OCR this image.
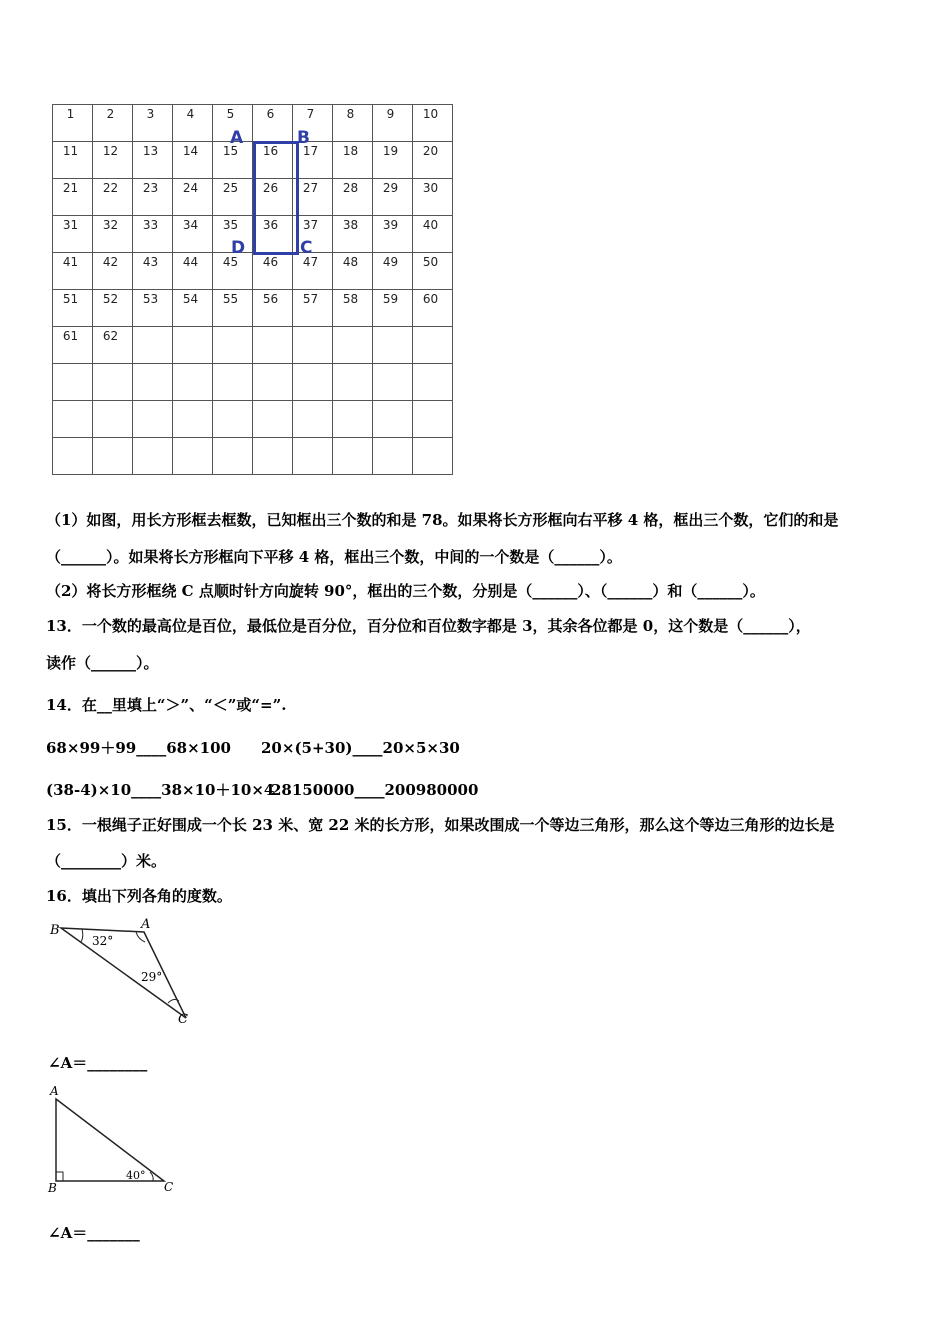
1	2	3	4	5	6	7	8	9	10

11	12	13	14	15	16	17	18	19	20

21	22	23	24	25	26	27	28	29	30

31	32	33	34	35	36	37	38	39	40

41	42	43	44	45	46	47	48	49	50

51	52	53	54	55	56	57	58	59	60

61	62								

A	B
D	C
（1）如图，用长方形框去框数，已知框出三个数的和是 78。如果将长方形框向右平移 4 格，框出三个数，它们的和是
（______）。如果将长方形框向下平移 4 格，框出三个数，中间的一个数是（______）。
（2）将长方形框绕 C 点顺时针方向旋转 90°，框出的三个数，分别是（______）、（______）和（______）。
13．一个数的最高位是百位，最低位是百分位，百分位和百位数字都是 3，其余各位都是 0，这个数是（______），
读作（______）。
14．在__里填上“＞”、“＜”或“=”.
68×99＋99____68×100 20×(5+30)____20×5×30
(38-4)×10____38×10＋10×4
28150000____200980000
15．一根绳子正好围成一个长 23 米、宽 22 米的长方形，如果改围成一个等边三角形，那么这个等边三角形的边长是
（________）米。
16．填出下列各角的度数。
B	A
C
32°
29°
∠A＝________
A
B	C
40°
∠A＝_______
